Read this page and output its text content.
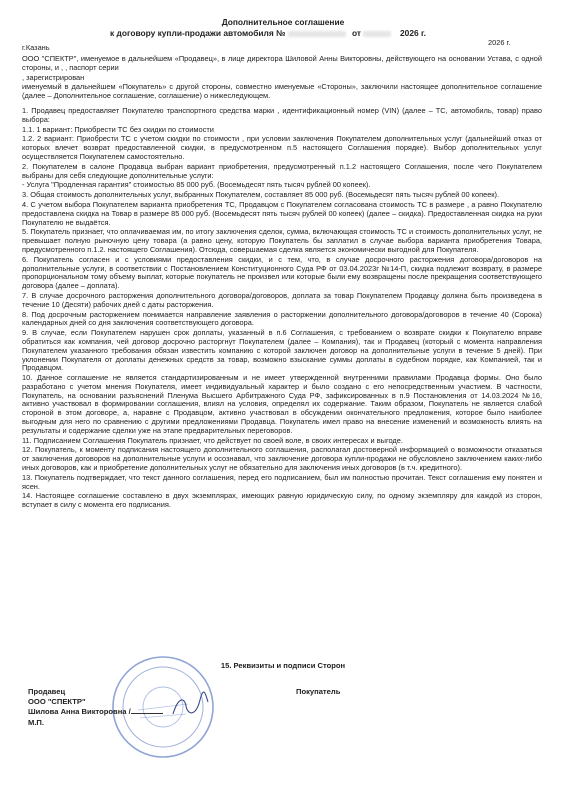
Дополнительное соглашение
к договору купли-продажи автомобиля №	от	2026 г.
г.Казань
2026 г.

ООО "СПЕКТР", именуемое в дальнейшем «Продавец», в лице директора Шиловой Анны Викторовны, действующего на основании Устава, с одной стороны, и , , паспорт серии

, зарегистрирован

именуемый в дальнейшем «Покупатель» с другой стороны, совместно именуемые «Стороны», заключили настоящее дополнительное соглашение (далее – Дополнительное соглашение, соглашение) о нижеследующем.

1. Продавец предоставляет Покупателю транспортного средства марки , идентификационный номер (VIN) (далее – ТС, автомобиль, товар) право выбора:

1.1. 1 вариант: Приобрести ТС без скидки по стоимости

1.2. 2 вариант: Приобрести ТС с учетом скидки по стоимости , при условии заключения Покупателем дополнительных услуг (дальнейший отказ от которых влечет возврат предоставленной скидки, в предусмотренном п.5 настоящего Соглашения порядке). Выбор дополнительных услуг осуществляется Покупателем самостоятельно.

2. Покупателем в салоне Продавца выбран вариант приобретения, предусмотренный п.1.2 настоящего Соглашения, после чего Покупателем выбраны для себя следующие дополнительные услуги:

- Услуга "Продленная гарантия" стоимостью 85 000 руб. (Восемьдесят пять тысяч рублей 00 копеек).

3. Общая стоимость дополнительных услуг, выбранных Покупателем, составляет 85 000 руб. (Восемьдесят пять тысяч рублей 00 копеек).

4. С учетом выбора Покупателем варианта приобретения ТС, Продавцом с Покупателем согласована стоимость ТС в размере , а равно Покупателю предоставлена скидка на Товар в размере 85 000 руб. (Восемьдесят пять тысяч рублей 00 копеек) (далее – скидка). Предоставленная скидка на руки Покупателю не выдаётся.

5. Покупатель признает, что оплачиваемая им, по итогу заключения сделок, сумма, включающая стоимость ТС и стоимость дополнительных услуг, не превышает полную рыночную цену товара (а равно цену, которую Покупатель бы заплатил в случае выбора варианта приобретения Товара, предусмотренного п.1.2. настоящего Соглашения). Отсюда, совершаемая сделка является экономически выгодной для Покупателя.

6. Покупатель согласен и с условиями предоставления скидки, и с тем, что, в случае досрочного расторжения договора/договоров на дополнительные услуги, в соответствии с Постановлением Конституционного Суда РФ от 03.04.2023г №14-П, скидка подлежит возврату, в размере пропорциональном тому объему выплат, которые покупатель не произвел или которые были ему возвращены после прекращения соответствующего договора (далее – доплата).

7. В случае досрочного расторжения дополнительного договора/договоров, доплата за товар Покупателем Продавцу должна быть произведена в течение 10 (Десяти) рабочих дней с даты расторжения.

8. Под досрочным расторжением понимается направление заявления о расторжении дополнительного договора/договоров в течение 40 (Сорока) календарных дней со дня заключения соответствующего договора.

9. В случае, если Покупателем нарушен срок доплаты, указанный в п.6 Соглашения, с требованием о возврате скидки к Покупателю вправе обратиться как компания, чей договор досрочно расторгнут Покупателем (далее – Компания), так и Продавец (который с момента направления Покупателем указанного требования обязан известить компанию с которой заключен договор на дополнительные услуги в течение 5 дней). При уклонении Покупателя от доплаты денежных средств за товар, возможно взыскание суммы доплаты в судебном порядке, как Компанией, так и Продавцом.

10. Данное соглашение не является стандартизированным и не имеет утвержденной внутренними правилами Продавца формы. Оно было разработано с учетом мнения Покупателя, имеет индивидуальный характер и было создано с его непосредственным участием. В частности, Покупатель, на основании разъяснений Пленума Высшего Арбитражного Суда РФ, зафиксированных в п.9 Постановления от 14.03.2024 №16, активно участвовал в формировании соглашения, влиял на условия, определял их содержание. Таким образом, Покупатель не является слабой стороной в этом договоре, а, наравне с Продавцом, активно участвовал в обсуждении окончательного предложения, которое было наиболее выгодным для него по сравнению с другими предложениями Продавца. Покупатель имел право на внесение изменений и возможность влиять на результаты и содержание сделки уже на этапе предварительных переговоров.

11. Подписанием Соглашения Покупатель признает, что действует по своей воле, в своих интересах и выгоде.

12. Покупатель, к моменту подписания настоящего дополнительного соглашения, располагал достоверной информацией о возможности отказаться от заключения договоров на дополнительные услуги и осознавал, что заключение договора купли-продажи не обусловлено заключением каких-либо иных договоров, как и приобретение дополнительных услуг не обязательно для заключения иных договоров (в т.ч. кредитного).

13. Покупатель подтверждает, что текст данного соглашения, перед его подписанием, был им полностью прочитан. Текст соглашения ему понятен и ясен.

14. Настоящее соглашение составлено в двух экземплярах, имеющих равную юридическую силу, по одному экземпляру для каждой из сторон, вступает в силу с момента его подписания.

15. Реквизиты и подписи Сторон
Продавец
ООО "СПЕКТР"
Шилова Анна Викторовна /
М.П.
Покупатель
